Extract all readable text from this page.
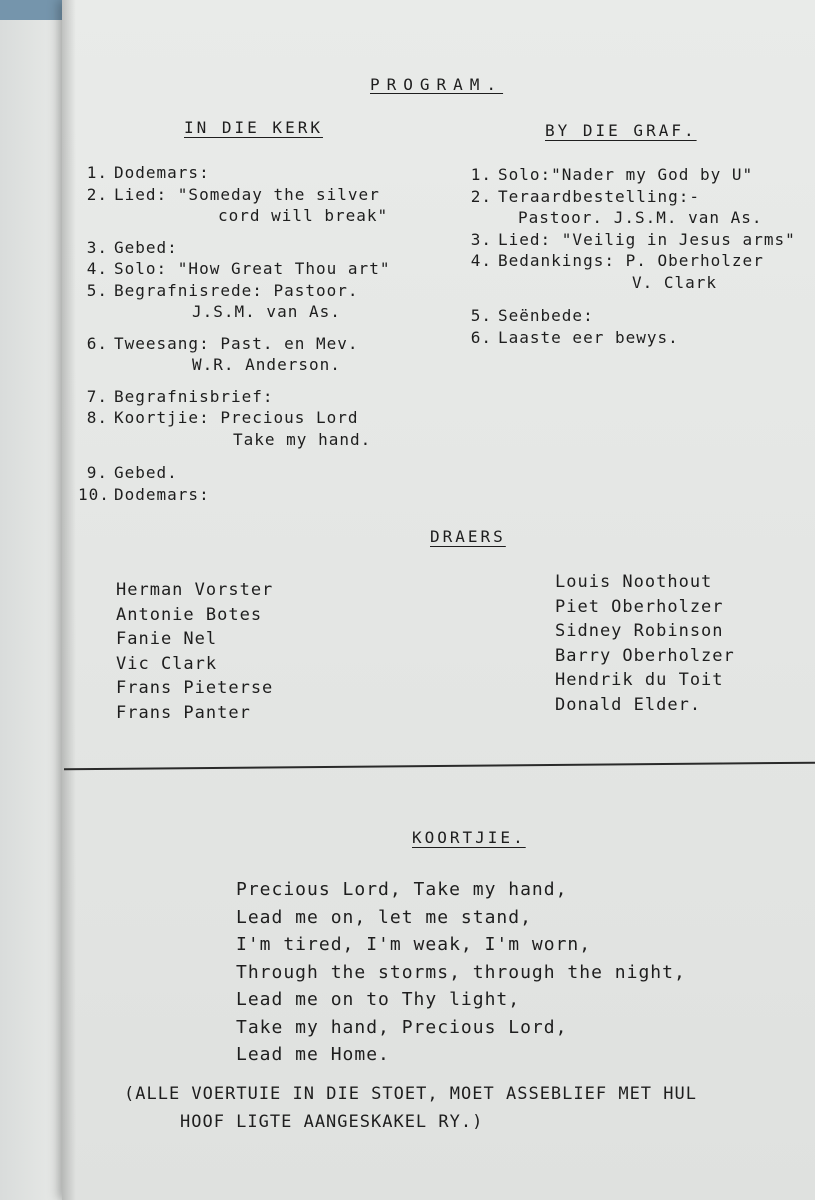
PROGRAM.
IN DIE KERK
1. Dodemars:
2. Lied: "Someday the silver
cord will break"
3. Gebed:
4. Solo: "How Great Thou art"
5. Begrafnisrede: Pastoor.
J.S.M. van As.
6. Tweesang: Past. en Mev.
W.R. Anderson.
7. Begrafnisbrief:
8. Koortjie: Precious Lord
Take my hand.
9. Gebed.
10. Dodemars:
BY DIE GRAF.
1. Solo:"Nader my God by U"
2. Teraardbestelling:-
Pastoor. J.S.M. van As.
3. Lied: "Veilig in Jesus arms"
4. Bedankings: P. Oberholzer
V. Clark
5. Seënbede:
6. Laaste eer bewys.
DRAERS
Herman Vorster
Antonie Botes
Fanie Nel
Vic Clark
Frans Pieterse
Frans Panter
Louis Noothout
Piet Oberholzer
Sidney Robinson
Barry Oberholzer
Hendrik du Toit
Donald Elder.
KOORTJIE.
Precious Lord, Take my hand,
Lead me on, let me stand,
I'm tired, I'm weak, I'm worn,
Through the storms, through the night,
Lead me on to Thy light,
Take my hand, Precious Lord,
Lead me Home.
(ALLE VOERTUIE IN DIE STOET, MOET ASSEBLIEF MET HUL
HOOF LIGTE AANGESKAKEL RY.)
